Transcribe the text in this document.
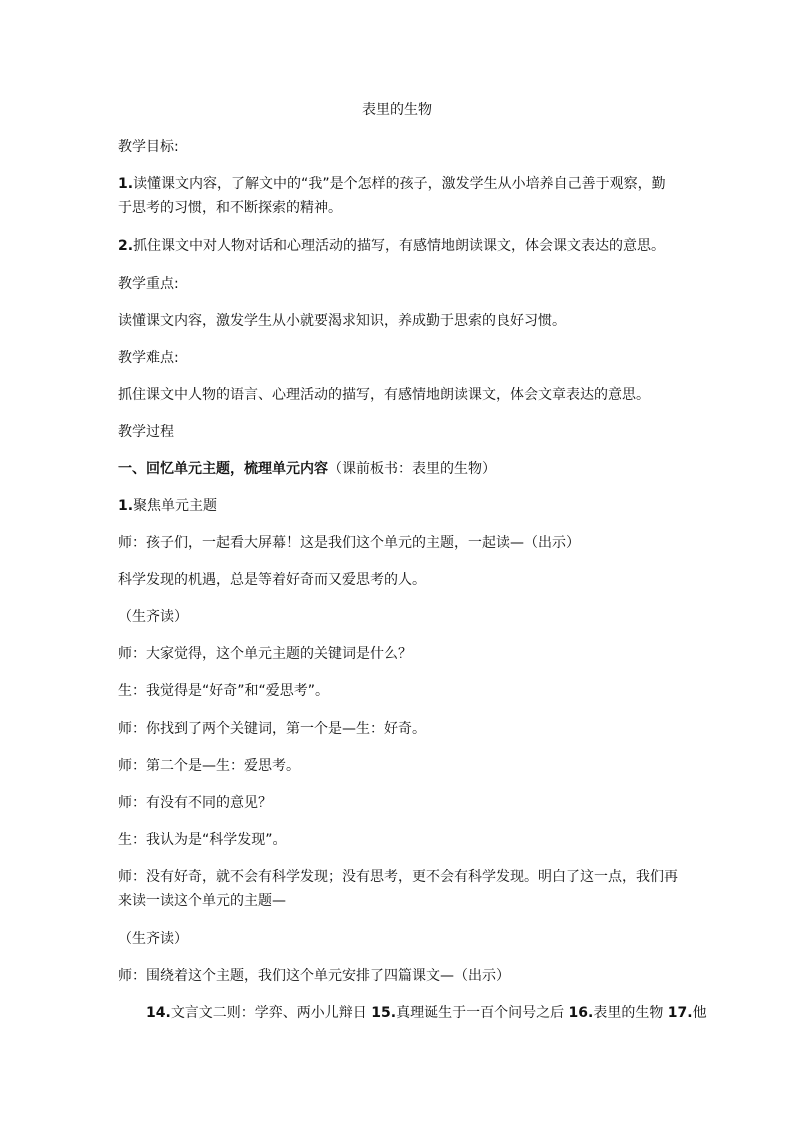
表里的生物
教学目标:
1.读懂课文内容，了解文中的“我”是个怎样的孩子，激发学生从小培养自己善于观察，勤
于思考的习惯，和不断探索的精神。
2.抓住课文中对人物对话和心理活动的描写，有感情地朗读课文，体会课文表达的意思。
教学重点:
读懂课文内容，激发学生从小就要渴求知识，养成勤于思索的良好习惯。
教学难点:
抓住课文中人物的语言、心理活动的描写，有感情地朗读课文，体会文章表达的意思。
教学过程
一、回忆单元主题，梳理单元内容（课前板书：表里的生物）
1.聚焦单元主题
师：孩子们，一起看大屏幕！这是我们这个单元的主题，一起读—（出示）
科学发现的机遇，总是等着好奇而又爱思考的人。
（生齐读）
师：大家觉得，这个单元主题的关键词是什么？
生：我觉得是“好奇”和“爱思考”。
师：你找到了两个关键词，第一个是—生：好奇。
师：第二个是—生：爱思考。
师：有没有不同的意见？
生：我认为是“科学发现”。
师：没有好奇，就不会有科学发现；没有思考，更不会有科学发现。明白了这一点，我们再
来读一读这个单元的主题—
（生齐读）
师：围绕着这个主题，我们这个单元安排了四篇课文—（出示）
14.文言文二则：学弈、两小儿辩日 15.真理诞生于一百个问号之后 16.表里的生物 17.他
